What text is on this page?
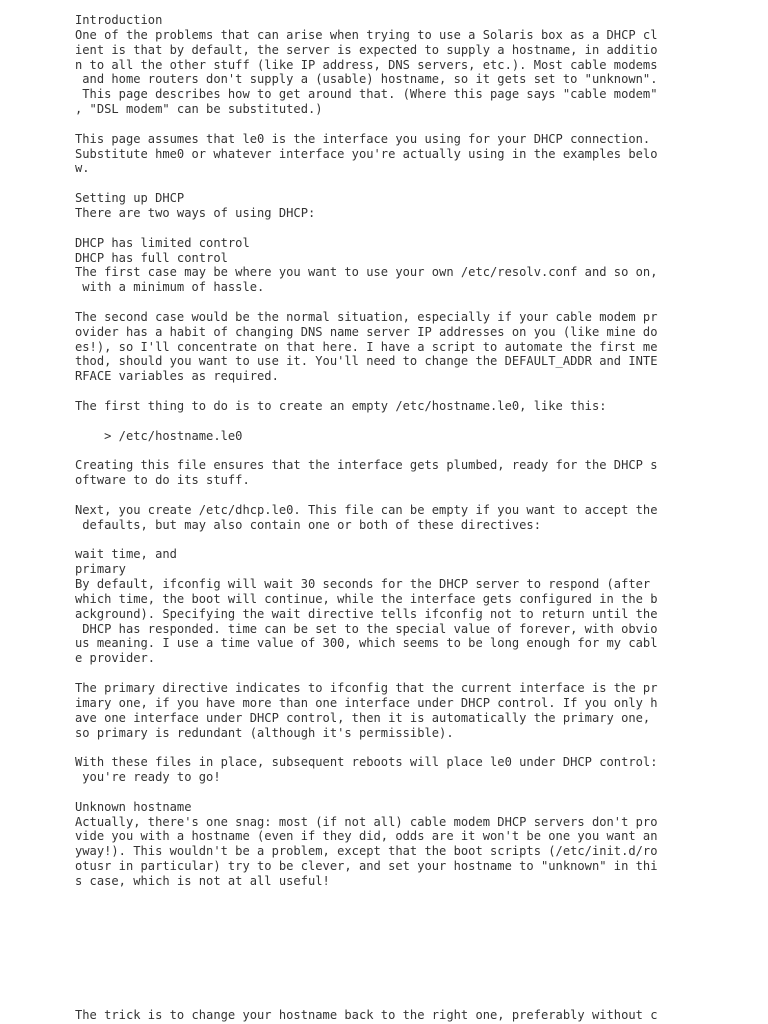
Introduction
One of the problems that can arise when trying to use a Solaris box as a DHCP cl
ient is that by default, the server is expected to supply a hostname, in additio
n to all the other stuff (like IP address, DNS servers, etc.). Most cable modems
and home routers don't supply a (usable) hostname, so it gets set to "unknown".
This page describes how to get around that. (Where this page says "cable modem"
, "DSL modem" can be substituted.)
This page assumes that le0 is the interface you using for your DHCP connection.
Substitute hme0 or whatever interface you're actually using in the examples belo
w.
Setting up DHCP
There are two ways of using DHCP:
DHCP has limited control
DHCP has full control
The first case may be where you want to use your own /etc/resolv.conf and so on,
with a minimum of hassle.
The second case would be the normal situation, especially if your cable modem pr
ovider has a habit of changing DNS name server IP addresses on you (like mine do
es!), so I'll concentrate on that here. I have a script to automate the first me
thod, should you want to use it. You'll need to change the DEFAULT_ADDR and INTE
RFACE variables as required.
The first thing to do is to create an empty /etc/hostname.le0, like this:
> /etc/hostname.le0
Creating this file ensures that the interface gets plumbed, ready for the DHCP s
oftware to do its stuff.
Next, you create /etc/dhcp.le0. This file can be empty if you want to accept the
defaults, but may also contain one or both of these directives:
wait time, and
primary
By default, ifconfig will wait 30 seconds for the DHCP server to respond (after
which time, the boot will continue, while the interface gets configured in the b
ackground). Specifying the wait directive tells ifconfig not to return until the
DHCP has responded. time can be set to the special value of forever, with obvio
us meaning. I use a time value of 300, which seems to be long enough for my cabl
e provider.
The primary directive indicates to ifconfig that the current interface is the pr
imary one, if you have more than one interface under DHCP control. If you only h
ave one interface under DHCP control, then it is automatically the primary one,
so primary is redundant (although it's permissible).
With these files in place, subsequent reboots will place le0 under DHCP control:
you're ready to go!
Unknown hostname
Actually, there's one snag: most (if not all) cable modem DHCP servers don't pro
vide you with a hostname (even if they did, odds are it won't be one you want an
yway!). This wouldn't be a problem, except that the boot scripts (/etc/init.d/ro
otusr in particular) try to be clever, and set your hostname to "unknown" in thi
s case, which is not at all useful!
The trick is to change your hostname back to the right one, preferably without c
